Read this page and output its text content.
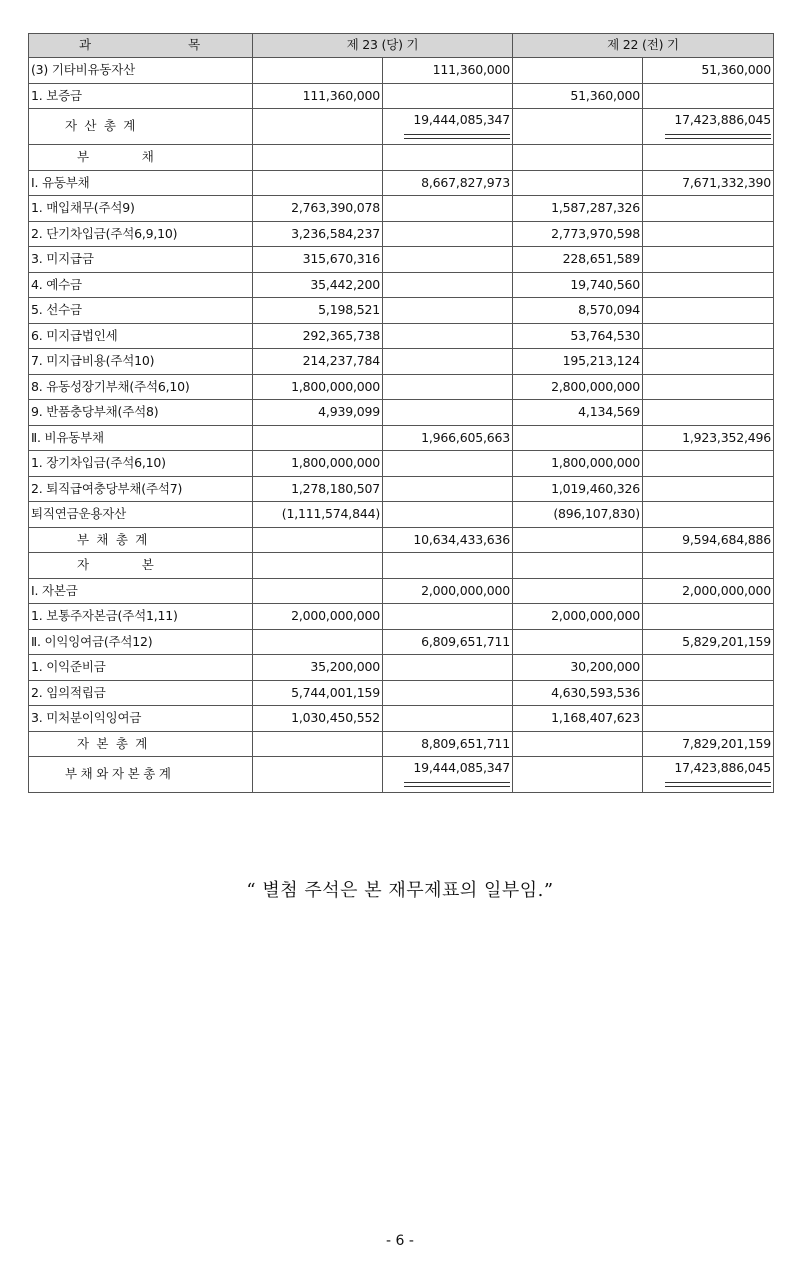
과 목	제 23 (당) 기		제 22 (전) 기	
(3) 기타비유동자산		111,360,000		51,360,000
1. 보증금	111,360,000		51,360,000	
자  산  총  계		19,444,085,347		17,423,886,045

부              채				
Ⅰ. 유동부채		8,667,827,973		7,671,332,390
1. 매입채무(주석9)	2,763,390,078		1,587,287,326	
2. 단기차입금(주석6,9,10)	3,236,584,237		2,773,970,598	
3. 미지급금	315,670,316		228,651,589	
4. 예수금	35,442,200		19,740,560	
5. 선수금	5,198,521		8,570,094	
6. 미지급법인세	292,365,738		53,764,530	
7. 미지급비용(주석10)	214,237,784		195,213,124	
8. 유동성장기부채(주석6,10)	1,800,000,000		2,800,000,000	
9. 반품충당부채(주석8)	4,939,099		4,134,569	
Ⅱ. 비유동부채		1,966,605,663		1,923,352,496
1. 장기차입금(주석6,10)	1,800,000,000		1,800,000,000	
2. 퇴직급여충당부채(주석7)	1,278,180,507		1,019,460,326	
퇴직연금운용자산	(1,111,574,844)		(896,107,830)	
부  채  총  계		10,634,433,636		9,594,684,886
자              본				
Ⅰ. 자본금		2,000,000,000		2,000,000,000
1. 보통주자본금(주석1,11)	2,000,000,000		2,000,000,000	
Ⅱ. 이익잉여금(주석12)		6,809,651,711		5,829,201,159
1. 이익준비금	35,200,000		30,200,000	
2. 임의적립금	5,744,001,159		4,630,593,536	
3. 미처분이익잉여금	1,030,450,552		1,168,407,623	
자  본  총  계		8,809,651,711		7,829,201,159
부 채 와 자 본 총 계		19,444,085,347		17,423,886,045
“ 별첨 주석은 본 재무제표의 일부임.”
- 6 -
